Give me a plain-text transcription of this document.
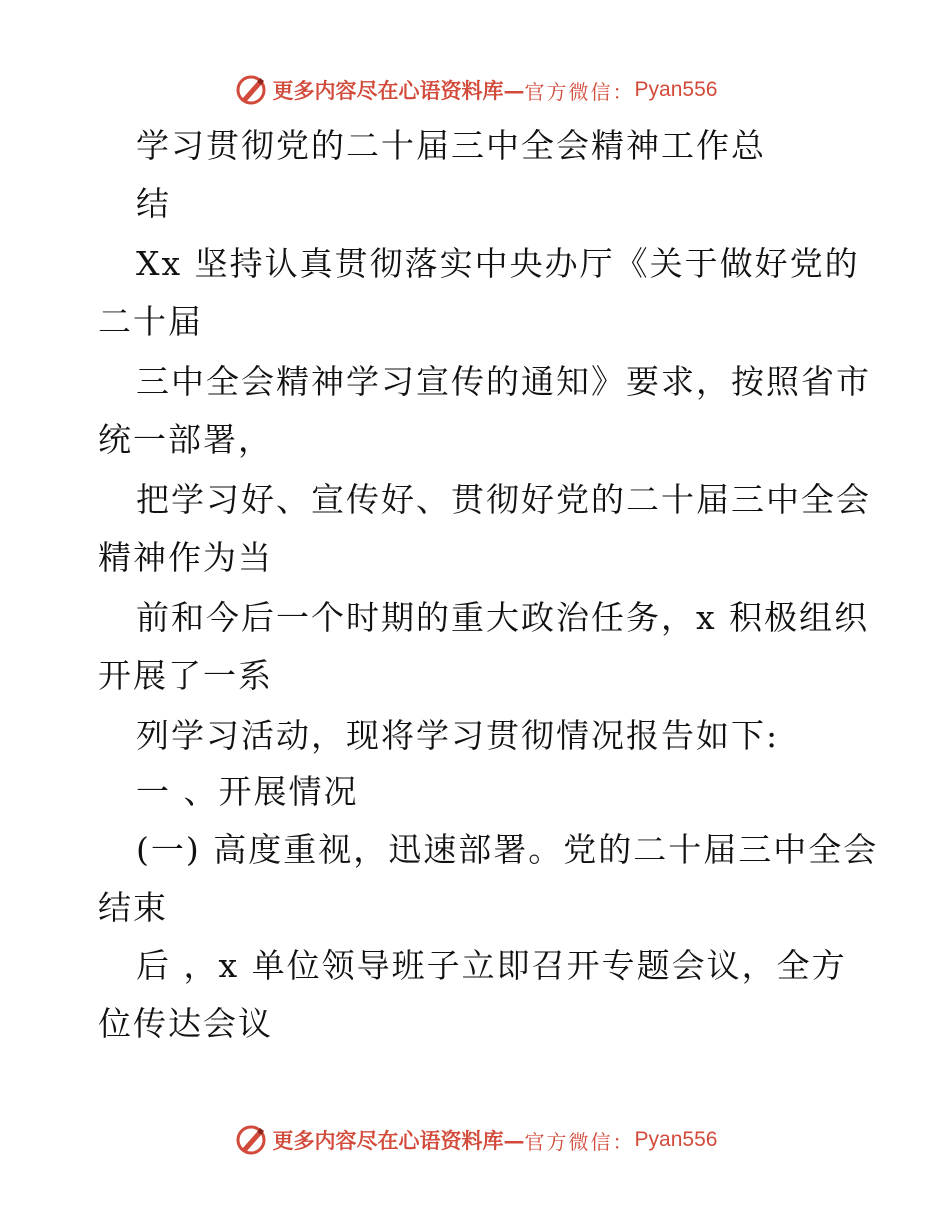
更多内容尽在心语资料库 — 官方微信： Pyan556
学习贯彻党的二十届三中全会精神工作总
结
Xx 坚持认真贯彻落实中央办厅《关于做好党的
二十届
三中全会精神学习宣传的通知》要求，按照省市
统一部署，
把学习好、宣传好、贯彻好党的二十届三中全会
精神作为当
前和今后一个时期的重大政治任务，x 积极组织
开展了一系
列学习活动，现将学习贯彻情况报告如下:
一 、开展情况
(一) 高度重视，迅速部署。党的二十届三中全会
结束
后 ，x 单位领导班子立即召开专题会议，全方
位传达会议
更多内容尽在心语资料库 — 官方微信： Pyan556
